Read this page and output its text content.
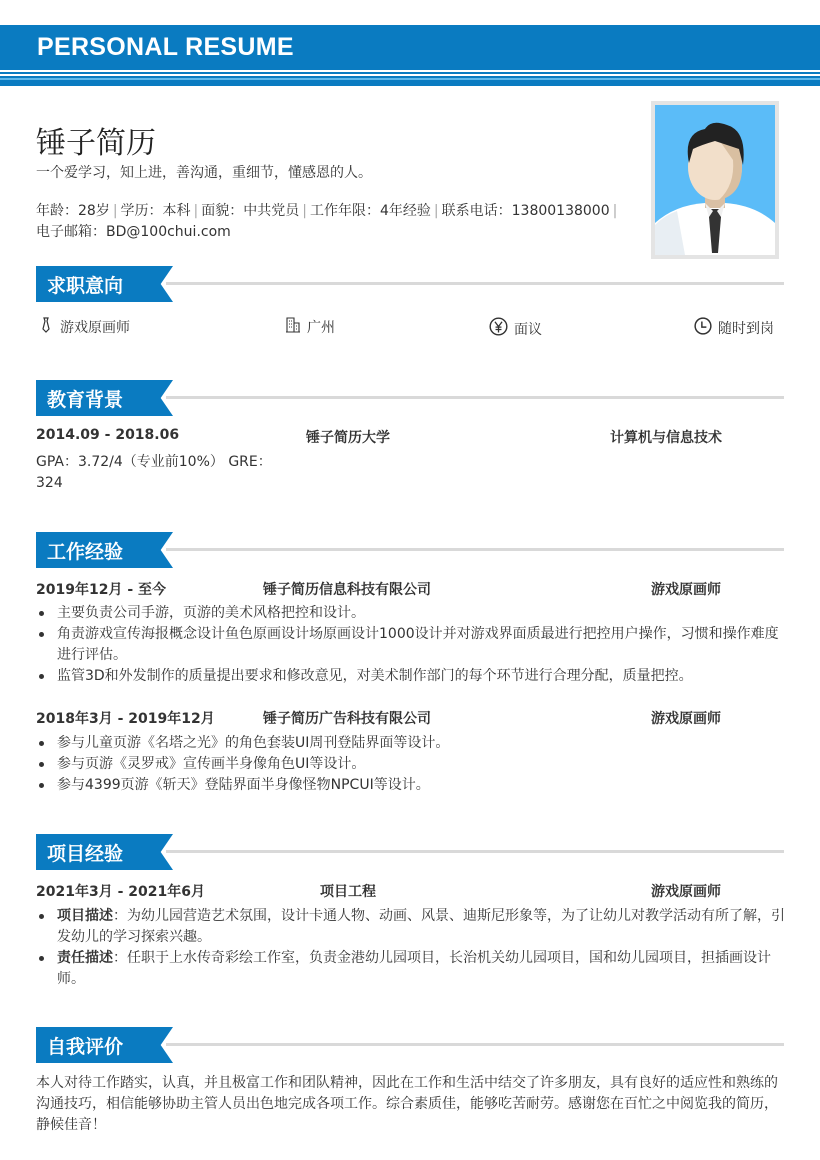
PERSONAL RESUME
锤子简历
一个爱学习，知上进，善沟通，重细节，懂感恩的人。
年龄：28岁 | 学历：本科 | 面貌：中共党员 | 工作年限：4年经验 | 联系电话：13800138000 |
电子邮箱：BD@100chui.com
求职意向
游戏原画师	广州	面议	随时到岗
教育背景
2014.09 - 2018.06	锤子简历大学	计算机与信息技术
GPA：3.72/4（专业前10%） GRE：
324
工作经验
2019年12月 - 至今	锤子简历信息科技有限公司	游戏原画师
主要负责公司手游，页游的美术风格把控和设计。
角责游戏宣传海报概念设计鱼色原画设计场原画设计1000设计并对游戏界面质最进行把控用户操作，习惯和操作难度进行评估。
监管3D和外发制作的质量提出要求和修改意见，对美术制作部门的每个环节进行合理分配，质量把控。
2018年3月 - 2019年12月	锤子简历广告科技有限公司	游戏原画师
参与儿童页游《名塔之光》的角色套装UI周刊登陆界面等设计。
参与页游《灵罗戒》宣传画半身像角色UI等设计。
参与4399页游《斩天》登陆界面半身像怪物NPCUI等设计。
项目经验
2021年3月 - 2021年6月	项目工程	游戏原画师
项目描述：为幼儿园营造艺术氛围，设计卡通人物、动画、风景、迪斯尼形象等，为了让幼儿对教学活动有所了解，引发幼儿的学习探索兴趣。
责任描述：任职于上水传奇彩绘工作室，负责金港幼儿园项目，长治机关幼儿园项目，国和幼儿园项目，担插画设计师。
自我评价
本人对待工作踏实，认真，并且极富工作和团队精神，因此在工作和生活中结交了许多朋友，具有良好的适应性和熟练的沟通技巧，相信能够协助主管人员出色地完成各项工作。综合素质佳，能够吃苦耐劳。感谢您在百忙之中阅览我的简历，静候佳音！
